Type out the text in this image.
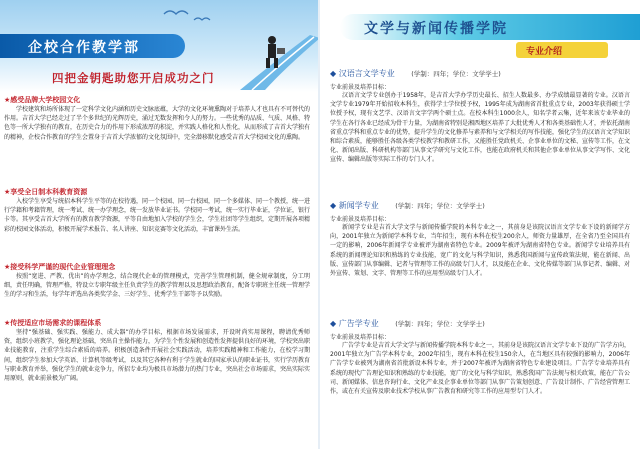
企校合作教学部
四把金钥匙助您开启成功之门
★感受品牌大学校园文化

学校建筑和场所体现了一定科学文化内涵和历史文脉底蕴，大学的文化环境熏陶对于培养人才也具有不可替代的作用。吉首大学已经走过了半个多世纪的光辉历史，涌过无数发挥和令人的努力。一些优秀的品质、气质、风格、特色等一所大学独有的教育，在历史合力的作用下形成浓厚的积淀，并实践人格化和人性化，从而形成了吉首大学独有的精神，企校合作教育的学生会置身于吉首大学浓郁的文化氛围中，完全潜移默化感受吉首大学校园文化的熏陶。

★享受全日制本科教育资源

入校学生享受与统招本科学生平等的在校待遇，同一个校园、同一台校园，同一个多媒体、同一个教授，统一进行学籍和考籍管理，统一考试、统一办学理念，统一发放毕业证书。学校同一考试，统一实行毕业证，学位证，银行卡等。其享受吉首大学所有的教育教学资源，平等自由地加入学校的学生会，学生社团等学生组织，定期开展各项精彩的校园文体活动，积极开展学术报告、名人讲座、知识竞赛等文化活动，丰富课外生活。

★接受科学严谨的现代企业管理理念

按照“宽进、严教、优出”的办学理念，结合现代企业的管理模式，完善学生管理机制，健全规章制度，分工明细，责任明确，管理严格，特设立专职年级主任负责学生的教学管理以及思想政治教育，配备专职班主任统一管理学生的学习和生活，每学年评选出各类奖学金、三好学生、优秀学生干部等予以奖励。

★传授适应市场需求的课程体系

坚持“强基础、强实践、强能力、成大器”的办学目标，根据市场发展需求，开设时尚实用课程，聘请优秀师资，组织小班教学，强化理论基础，突出自主操作能力，为学生个性发展和创造性发挥提供良好的环境，学校突出职业技能教育，注重学生综合素质的培养。积极创造条件开展社会实践活动，培养实践精神和工作能力，在校学习期间，组织学生参加大学英语、计算机等级考试，以及其它各种有利于学生就业的国家承认的职业证书，实行学历教育与职业教育并举，强化学生的就业竞争力，所招专业均为极具市场潜力的热门专业，突出社会市场需求，突出实际实用原则，就业前景极为广阔。

文学与新闻传播学院
专业介绍
◆ 汉语言文学专业	(学制：四年；学位：文学学士)
专业前景及培养目标：

汉语言文学专业创办于1958年，是吉首大学办学历史最长、招生人数最多、办学成绩最显著的专业。汉语言文学专业1979年开始招收本科生，获得学士学位授予权，1995年成为湖南省首批重点专业，2003年获得硕士学位授予权，现有文艺学、汉语言文字学两个硕士点。在校本科生1000余人，知名学者云集，近年来该专业毕业的学生在各行各业已经成为骨干力量，为湖南省特别是湘西地区培养了大批优秀人才和各类基础性人才，并依托湖南省重点学科和重点专业的优势，提升学生的文化修养与素养和与文学相关的写作技能，强化学生的汉语言文学知识和综合素质，能够胜任各级各类学校教学和教研工作，又能胜任党政机关、企事业单位的文秘、宣传等工作，在文化、新闻出版、科研机构等部门从事文学研究与文化工作，也能在政府机关和其他企事业单位从事文学写作、文化宣传、编辑出版等实际工作的专门人才。

◆ 新闻学专业	(学制：四年；学位：文学学士)
专业前景及培养目标：

新闻学专业是吉首大学文学与新闻传播学院的本科专业之一，其前身是该院汉语言文学专业下设的新闻学方向，2001年独立为新闻学本科专业，当年招生，现有本科在校生200余人，师资力量雄厚，在全省乃至全国具有一定的影响，2006年新闻学专业被评为湖南省特色专业。2009年被评为湖南省特色专业。新闻学专业培养具有系统的新闻理论知识和熟练的专业技能，宽广的文化与科学知识，熟悉我国新闻与宣传政策法规，能在新闻、出版、宣传部门从事编辑、记者与管理等工作的高级专门人才，以及能在企业、文化传媒等部门从事记者、编辑、对外宣传、策划、文字、管理等工作的应用型高级专门人才。

◆ 广告学专业	(学制：四年；学位：文学学士)
专业前景及培养目标：

广告学专业是吉首大学文学与新闻传播学院本科专业之一，其前身是该院汉语言文学专业下设的广告学方向，2001年独立为广告学本科专业，2002年招生，现有本科在校生150余人，在当地区具有较强的影响力，2006年广告学专业被列为湖南省首批新设本科专业，并于2007年被评为湖南省特色专业建设项目。广告学专业培养具有系统的现代广告理论知识和熟练的专业技能，宽广的文化与科学知识，熟悉我国广告法规与相关政策，能在广告公司、新闻媒体、信息咨询行业、文化产业及企事业单位等部门从事广告策划创意、广告设计制作、广告经营管理工作，或在有关宣传及职业技术学校从事广告教育和研究等工作的应用型专门人才。
